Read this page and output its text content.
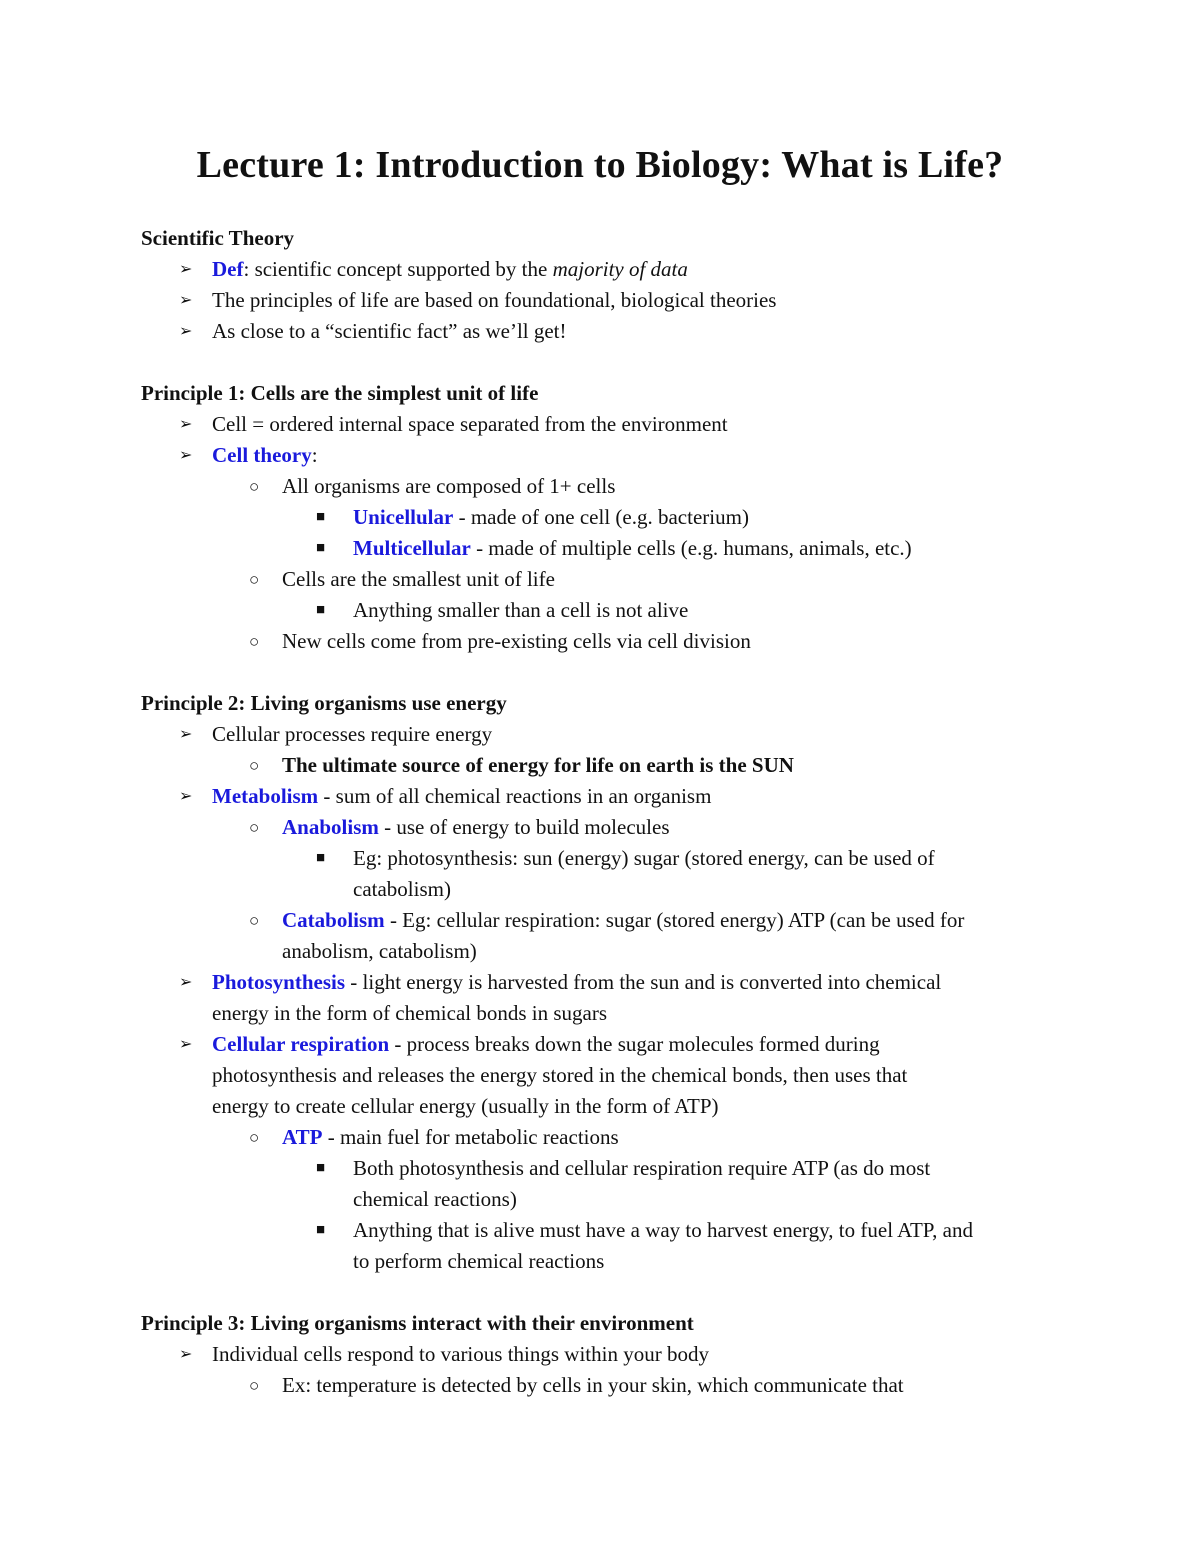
Lecture 1: Introduction to Biology: What is Life?
Scientific Theory
➢ Def: scientific concept supported by the majority of data
➢ The principles of life are based on foundational, biological theories
➢ As close to a “scientific fact” as we’ll get!
Principle 1: Cells are the simplest unit of life
➢ Cell = ordered internal space separated from the environment
➢ Cell theory:
○ All organisms are composed of 1+ cells
■ Unicellular - made of one cell (e.g. bacterium)
■ Multicellular - made of multiple cells (e.g. humans, animals, etc.)
○ Cells are the smallest unit of life
■ Anything smaller than a cell is not alive
○ New cells come from pre-existing cells via cell division
Principle 2: Living organisms use energy
➢ Cellular processes require energy
○ The ultimate source of energy for life on earth is the SUN
➢ Metabolism - sum of all chemical reactions in an organism
○ Anabolism - use of energy to build molecules
■ Eg: photosynthesis: sun (energy) sugar (stored energy, can be used of
catabolism)
○ Catabolism - Eg: cellular respiration: sugar (stored energy) ATP (can be used for
anabolism, catabolism)
➢ Photosynthesis - light energy is harvested from the sun and is converted into chemical
energy in the form of chemical bonds in sugars
➢ Cellular respiration - process breaks down the sugar molecules formed during
photosynthesis and releases the energy stored in the chemical bonds, then uses that
energy to create cellular energy (usually in the form of ATP)
○ ATP - main fuel for metabolic reactions
■ Both photosynthesis and cellular respiration require ATP (as do most
chemical reactions)
■ Anything that is alive must have a way to harvest energy, to fuel ATP, and
to perform chemical reactions
Principle 3: Living organisms interact with their environment
➢ Individual cells respond to various things within your body
○ Ex: temperature is detected by cells in your skin, which communicate that
